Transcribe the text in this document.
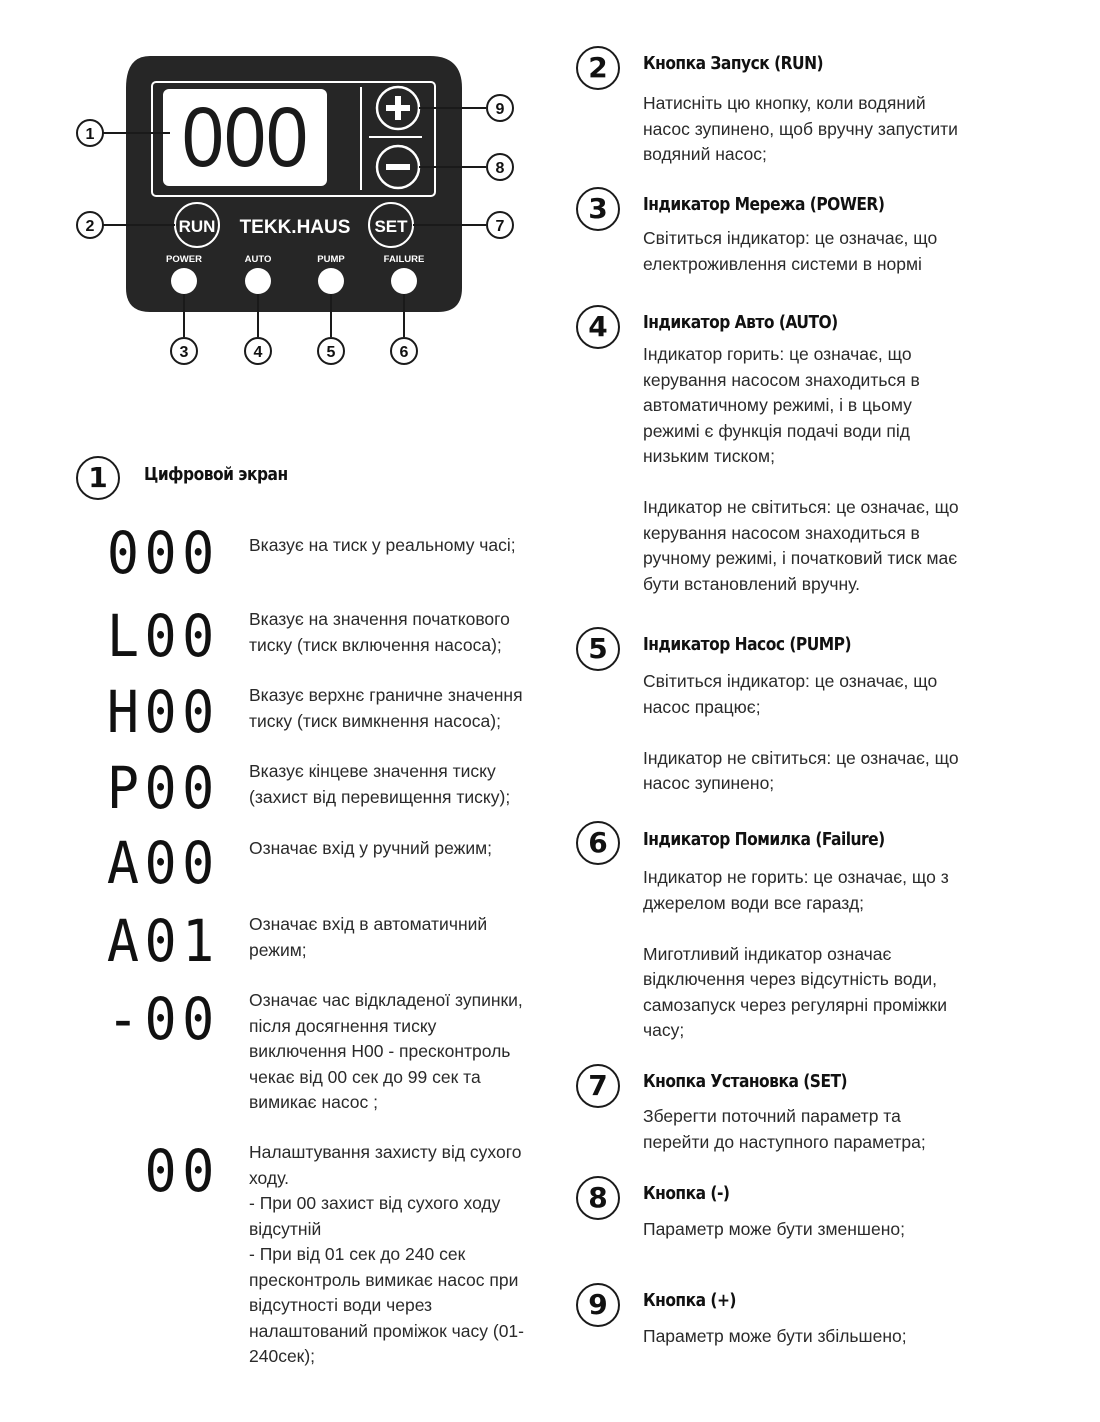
000
RUN	SET
TEKK.HAUS
POWER	AUTO	PUMP	FAILURE
1
2	7
9
8
3	4	5	6
1	Цифровой экран
000 Вказує на тиск у реальному часі;

L00 Вказує на значення початкового
тиску (тиск включення насоса);

H00 Вказує верхнє граничне значення
тиску (тиск вимкнення насоса);

P00 Вказує кінцеве значення тиску
(захист від перевищення тиску);

A00 Означає вхід у ручний режим;

A01 Означає вхід в автоматичний
режим;

-00 Означає час відкладеної зупинки,
після досягнення тиску
виключення Н00 - пресконтроль
чекає від 00 сек до 99 сек та
вимикає насос ;

00 Налаштування захисту від сухого
ходу.
- При 00 захист від сухого ходу
відсутній
- При від 01 сек до 240 сек
пресконтроль вимикає насос при
відсутності води через
налаштований проміжок часу (01-
240сек);

2	Кнопка Запуск (RUN)

Натисніть цю кнопку, коли водяний
насос зупинено, щоб вручну запустити
водяний насос;

3	Індикатор Мережа (POWER)

Світиться індикатор: це означає, що
електроживлення системи в нормі

4	Індикатор Авто (AUTO)

Індикатор горить: це означає, що
керування насосом знаходиться в
автоматичному режимі, і в цьому
режимі є функція подачі води під
низьким тиском;

Індикатор не світиться: це означає, що
керування насосом знаходиться в
ручному режимі, і початковий тиск має
бути встановлений вручну.

5	Індикатор Насос (PUMP)

Світиться індикатор: це означає, що
насос працює;

Індикатор не світиться: це означає, що
насос зупинено;

6	Індикатор Помилка (Failure)

Індикатор не горить: це означає, що з
джерелом води все гаразд;

Миготливий індикатор означає
відключення через відсутність води,
самозапуск через регулярні проміжки
часу;

7	Кнопка Установка (SET)

Зберегти поточний параметр та
перейти до наступного параметра;

8	Кнопка (-)

Параметр може бути зменшено;

9	Кнопка (+)

Параметр може бути збільшено;
